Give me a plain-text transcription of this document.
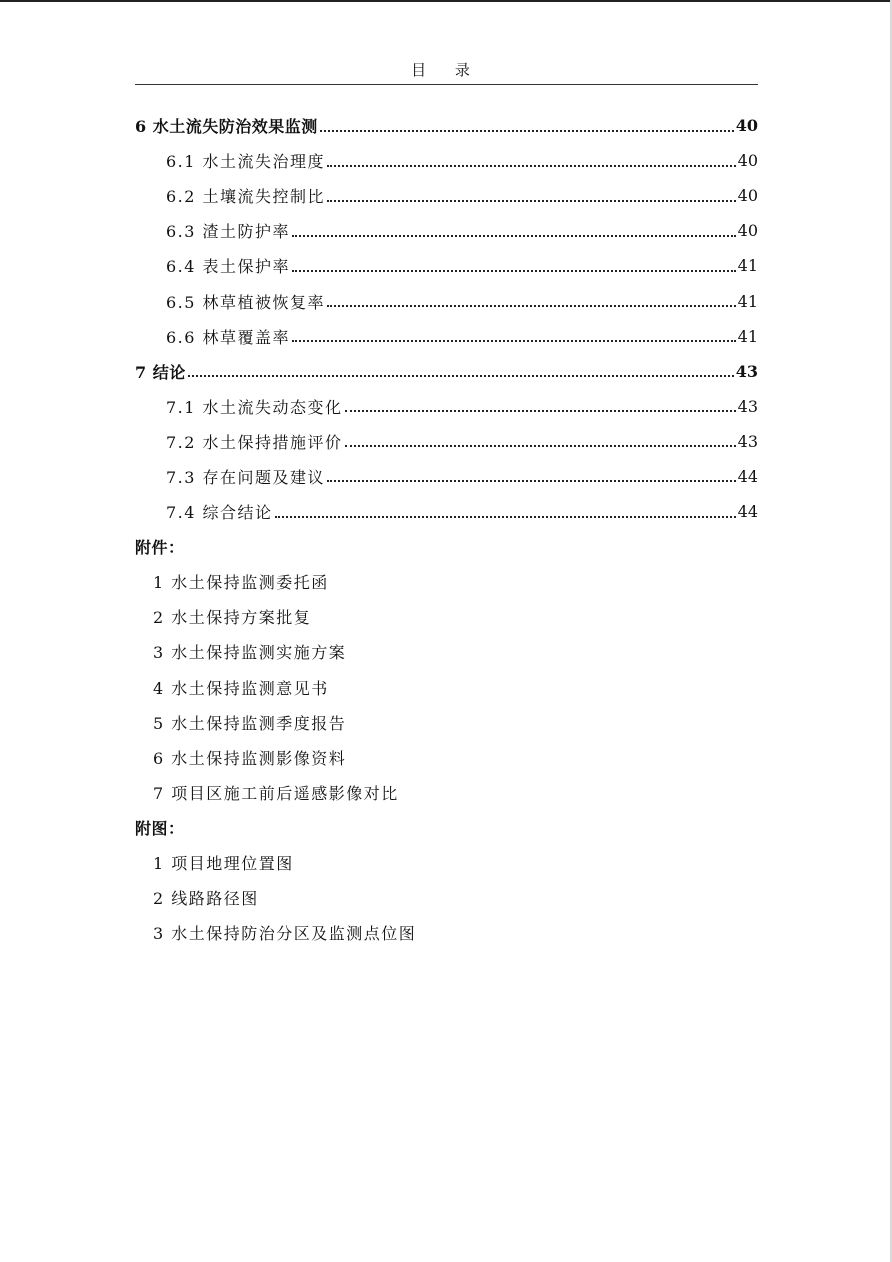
目 录
6 水土流失防治效果监测	40
6.1 水土流失治理度	40
6.2 土壤流失控制比	40
6.3 渣土防护率	40
6.4 表土保护率	41
6.5 林草植被恢复率	41
6.6 林草覆盖率	41
7 结论	43
7.1 水土流失动态变化	43
7.2 水土保持措施评价	43
7.3 存在问题及建议	44
7.4 综合结论	44
附件：
1 水土保持监测委托函
2 水土保持方案批复
3 水土保持监测实施方案
4 水土保持监测意见书
5 水土保持监测季度报告
6 水土保持监测影像资料
7 项目区施工前后遥感影像对比
附图：
1 项目地理位置图
2 线路路径图
3 水土保持防治分区及监测点位图
